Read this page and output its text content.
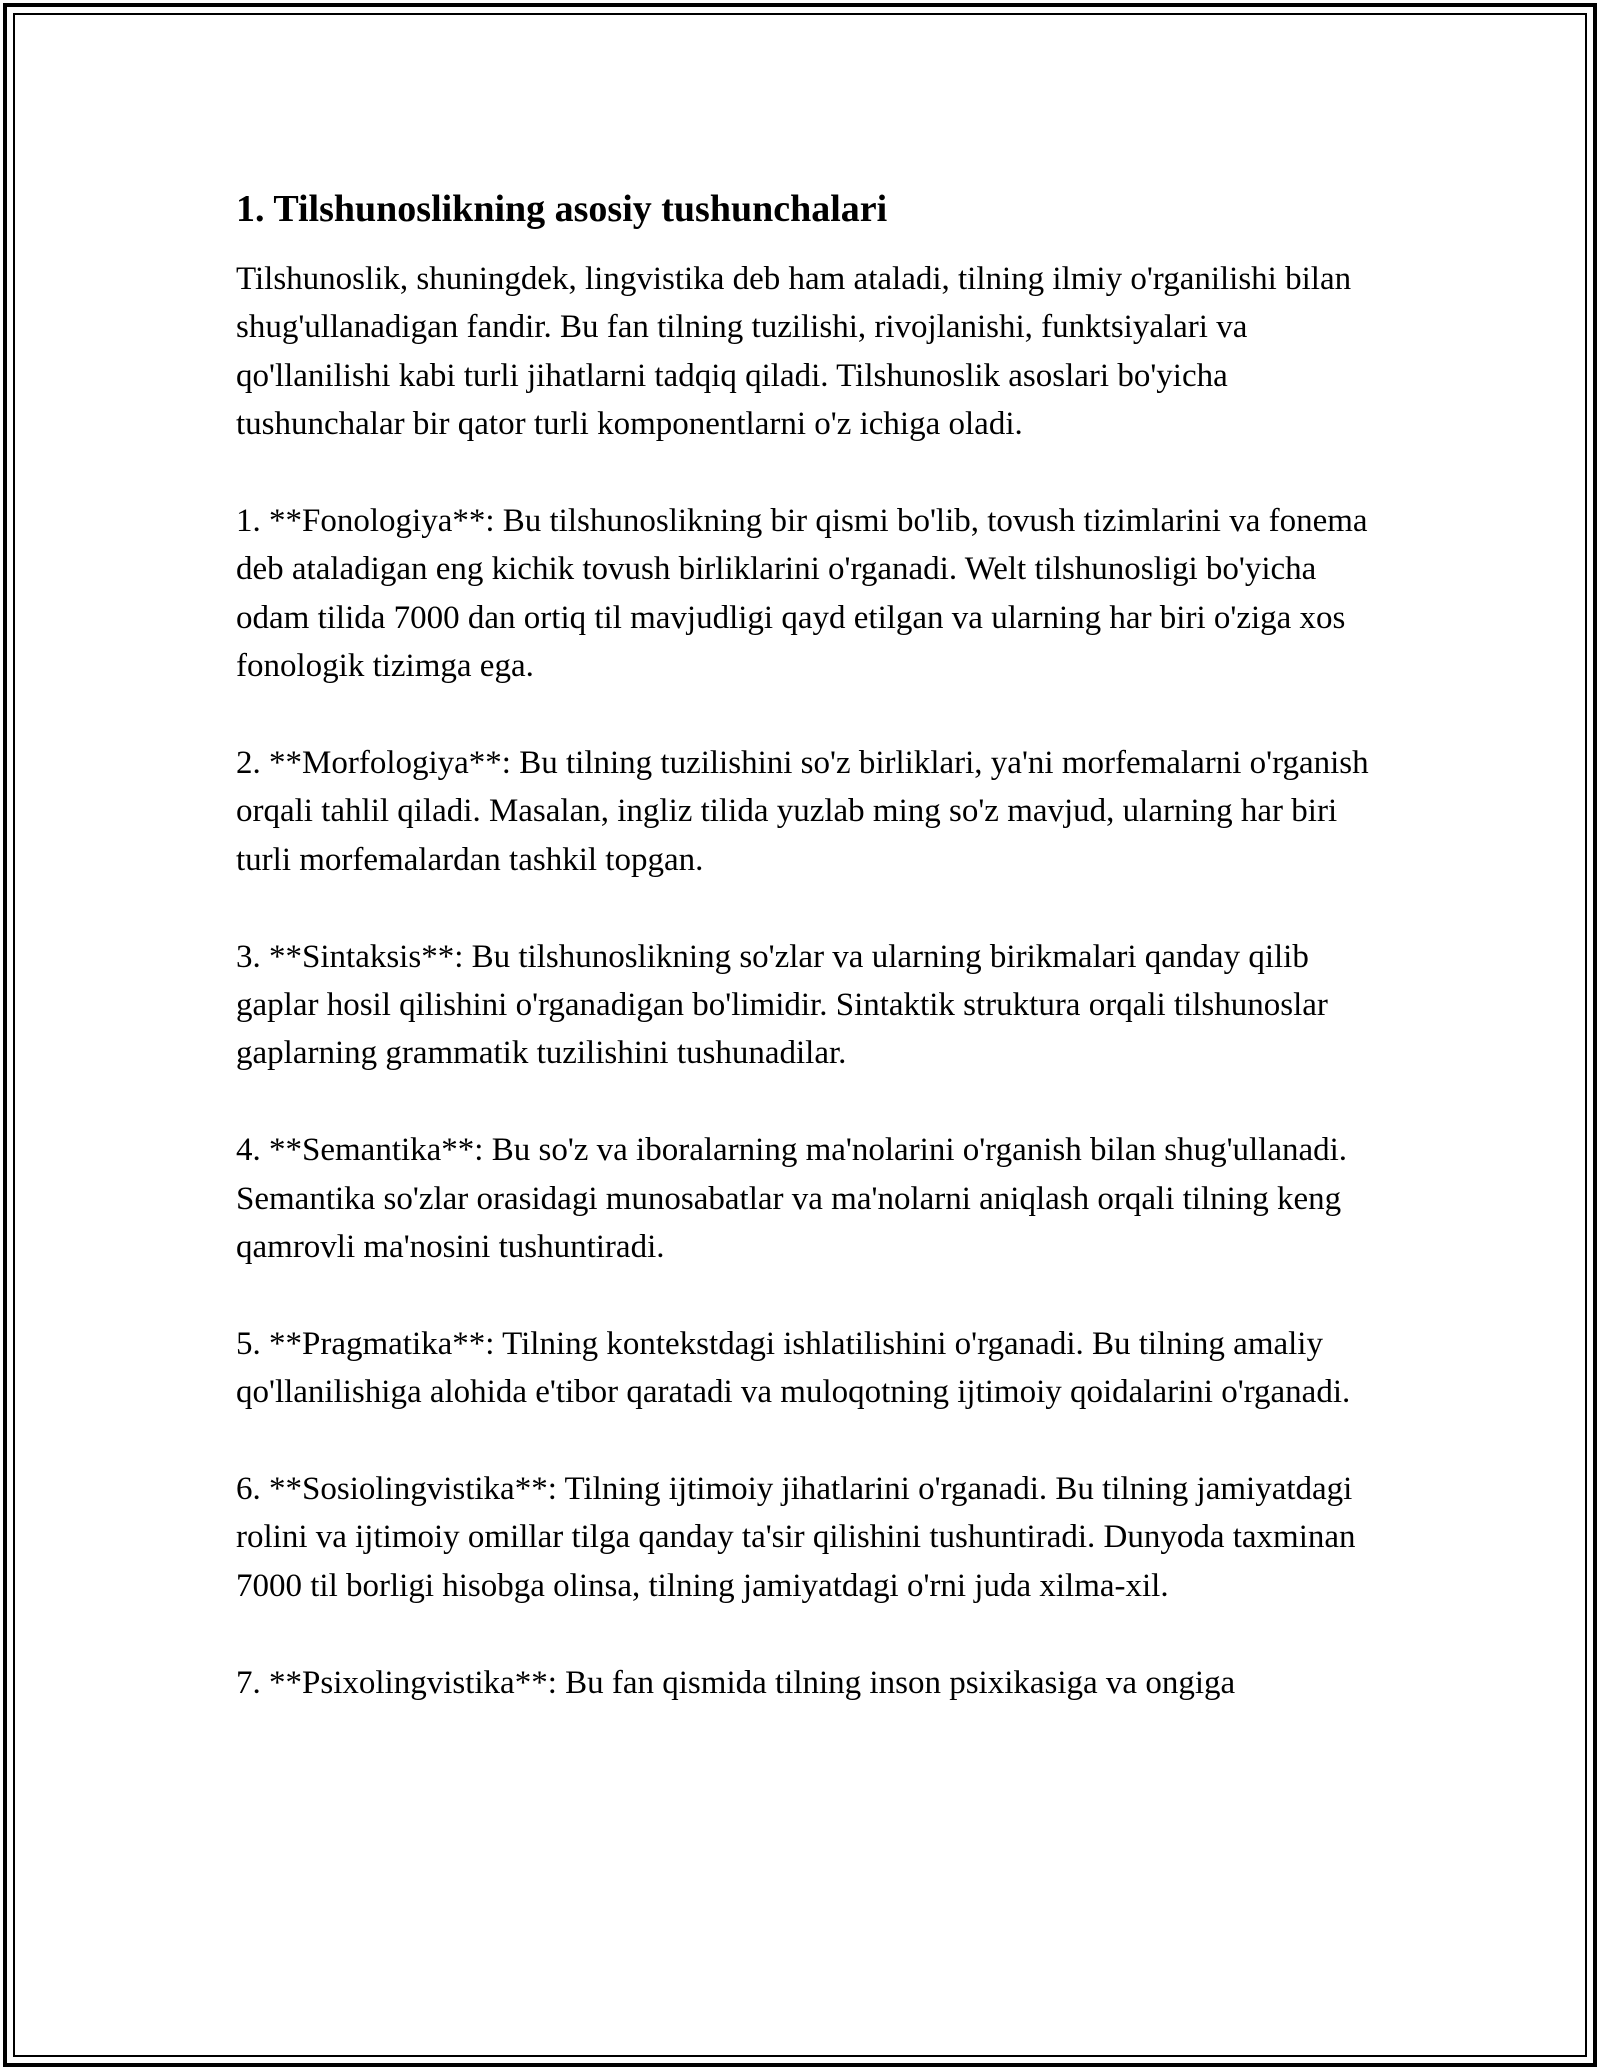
1. Tilshunoslikning asosiy tushunchalari

Tilshunoslik, shuningdek, lingvistika deb ham ataladi, tilning ilmiy o'rganilishi bilan shug'ullanadigan fandir. Bu fan tilning tuzilishi, rivojlanishi, funktsiyalari va qo'llanilishi kabi turli jihatlarni tadqiq qiladi. Tilshunoslik asoslari bo'yicha tushunchalar bir qator turli komponentlarni o'z ichiga oladi.

1. **Fonologiya**: Bu tilshunoslikning bir qismi bo'lib, tovush tizimlarini va fonema deb ataladigan eng kichik tovush birliklarini o'rganadi. Welt tilshunosligi bo'yicha odam tilida 7000 dan ortiq til mavjudligi qayd etilgan va ularning har biri o'ziga xos fonologik tizimga ega.

2. **Morfologiya**: Bu tilning tuzilishini so'z birliklari, ya'ni morfemalarni o'rganish orqali tahlil qiladi. Masalan, ingliz tilida yuzlab ming so'z mavjud, ularning har biri turli morfemalardan tashkil topgan.

3. **Sintaksis**: Bu tilshunoslikning so'zlar va ularning birikmalari qanday qilib gaplar hosil qilishini o'rganadigan bo'limidir. Sintaktik struktura orqali tilshunoslar gaplarning grammatik tuzilishini tushunadilar.

4. **Semantika**: Bu so'z va iboralarning ma'nolarini o'rganish bilan shug'ullanadi. Semantika so'zlar orasidagi munosabatlar va ma'nolarni aniqlash orqali tilning keng qamrovli ma'nosini tushuntiradi.

5. **Pragmatika**: Tilning kontekstdagi ishlatilishini o'rganadi. Bu tilning amaliy qo'llanilishiga alohida e'tibor qaratadi va muloqotning ijtimoiy qoidalarini o'rganadi.

6. **Sosiolingvistika**: Tilning ijtimoiy jihatlarini o'rganadi. Bu tilning jamiyatdagi rolini va ijtimoiy omillar tilga qanday ta'sir qilishini tushuntiradi. Dunyoda taxminan 7000 til borligi hisobga olinsa, tilning jamiyatdagi o'rni juda xilma-xil.

7. **Psixolingvistika**: Bu fan qismida tilning inson psixikasiga va ongiga
